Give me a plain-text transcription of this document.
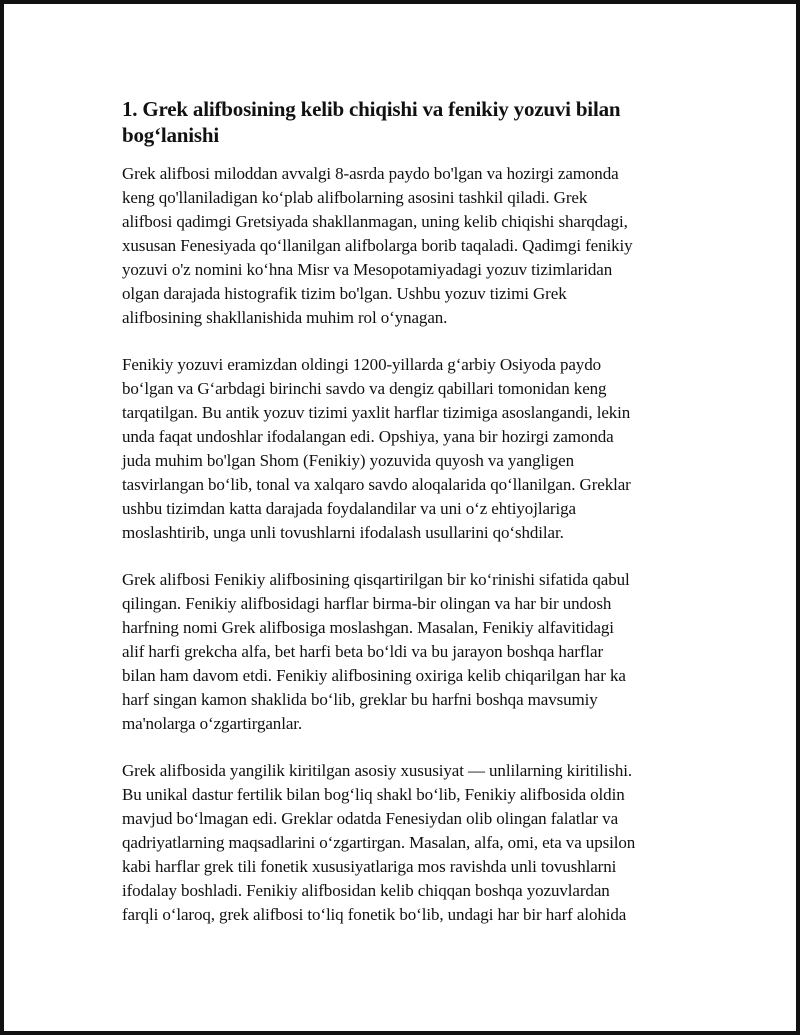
1. Grek alifbosining kelib chiqishi va fenikiy yozuvi bilan
bog‘lanishi

Grek alifbosi miloddan avvalgi 8-asrda paydo bo'lgan va hozirgi zamonda
keng qo'llaniladigan ko‘plab alifbolarning asosini tashkil qiladi. Grek
alifbosi qadimgi Gretsiyada shakllanmagan, uning kelib chiqishi sharqdagi,
xususan Fenesiyada qo‘llanilgan alifbolarga borib taqaladi. Qadimgi fenikiy
yozuvi o'z nomini ko‘hna Misr va Mesopotamiyadagi yozuv tizimlaridan
olgan darajada histografik tizim bo'lgan. Ushbu yozuv tizimi Grek
alifbosining shakllanishida muhim rol o‘ynagan.

Fenikiy yozuvi eramizdan oldingi 1200-yillarda g‘arbiy Osiyoda paydo
bo‘lgan va G‘arbdagi birinchi savdo va dengiz qabillari tomonidan keng
tarqatilgan. Bu antik yozuv tizimi yaxlit harflar tizimiga asoslangandi, lekin
unda faqat undoshlar ifodalangan edi. Opshiya, yana bir hozirgi zamonda
juda muhim bo'lgan Shom (Fenikiy) yozuvida quyosh va yangligen
tasvirlangan bo‘lib, tonal va xalqaro savdo aloqalarida qo‘llanilgan. Greklar
ushbu tizimdan katta darajada foydalandilar va uni o‘z ehtiyojlariga
moslashtirib, unga unli tovushlarni ifodalash usullarini qo‘shdilar.

Grek alifbosi Fenikiy alifbosining qisqartirilgan bir ko‘rinishi sifatida qabul
qilingan. Fenikiy alifbosidagi harflar birma-bir olingan va har bir undosh
harfning nomi Grek alifbosiga moslashgan. Masalan, Fenikiy alfavitidagi
alif harfi grekcha alfa, bet harfi beta bo‘ldi va bu jarayon boshqa harflar
bilan ham davom etdi. Fenikiy alifbosining oxiriga kelib chiqarilgan har ka
harf singan kamon shaklida bo‘lib, greklar bu harfni boshqa mavsumiy
ma'nolarga o‘zgartirganlar.

Grek alifbosida yangilik kiritilgan asosiy xususiyat — unlilarning kiritilishi.
Bu unikal dastur fertilik bilan bog‘liq shakl bo‘lib, Fenikiy alifbosida oldin
mavjud bo‘lmagan edi. Greklar odatda Fenesiydan olib olingan falatlar va
qadriyatlarning maqsadlarini o‘zgartirgan. Masalan, alfa, omi, eta va upsilon
kabi harflar grek tili fonetik xususiyatlariga mos ravishda unli tovushlarni
ifodalay boshladi. Fenikiy alifbosidan kelib chiqqan boshqa yozuvlardan
farqli o‘laroq, grek alifbosi to‘liq fonetik bo‘lib, undagi har bir harf alohida
